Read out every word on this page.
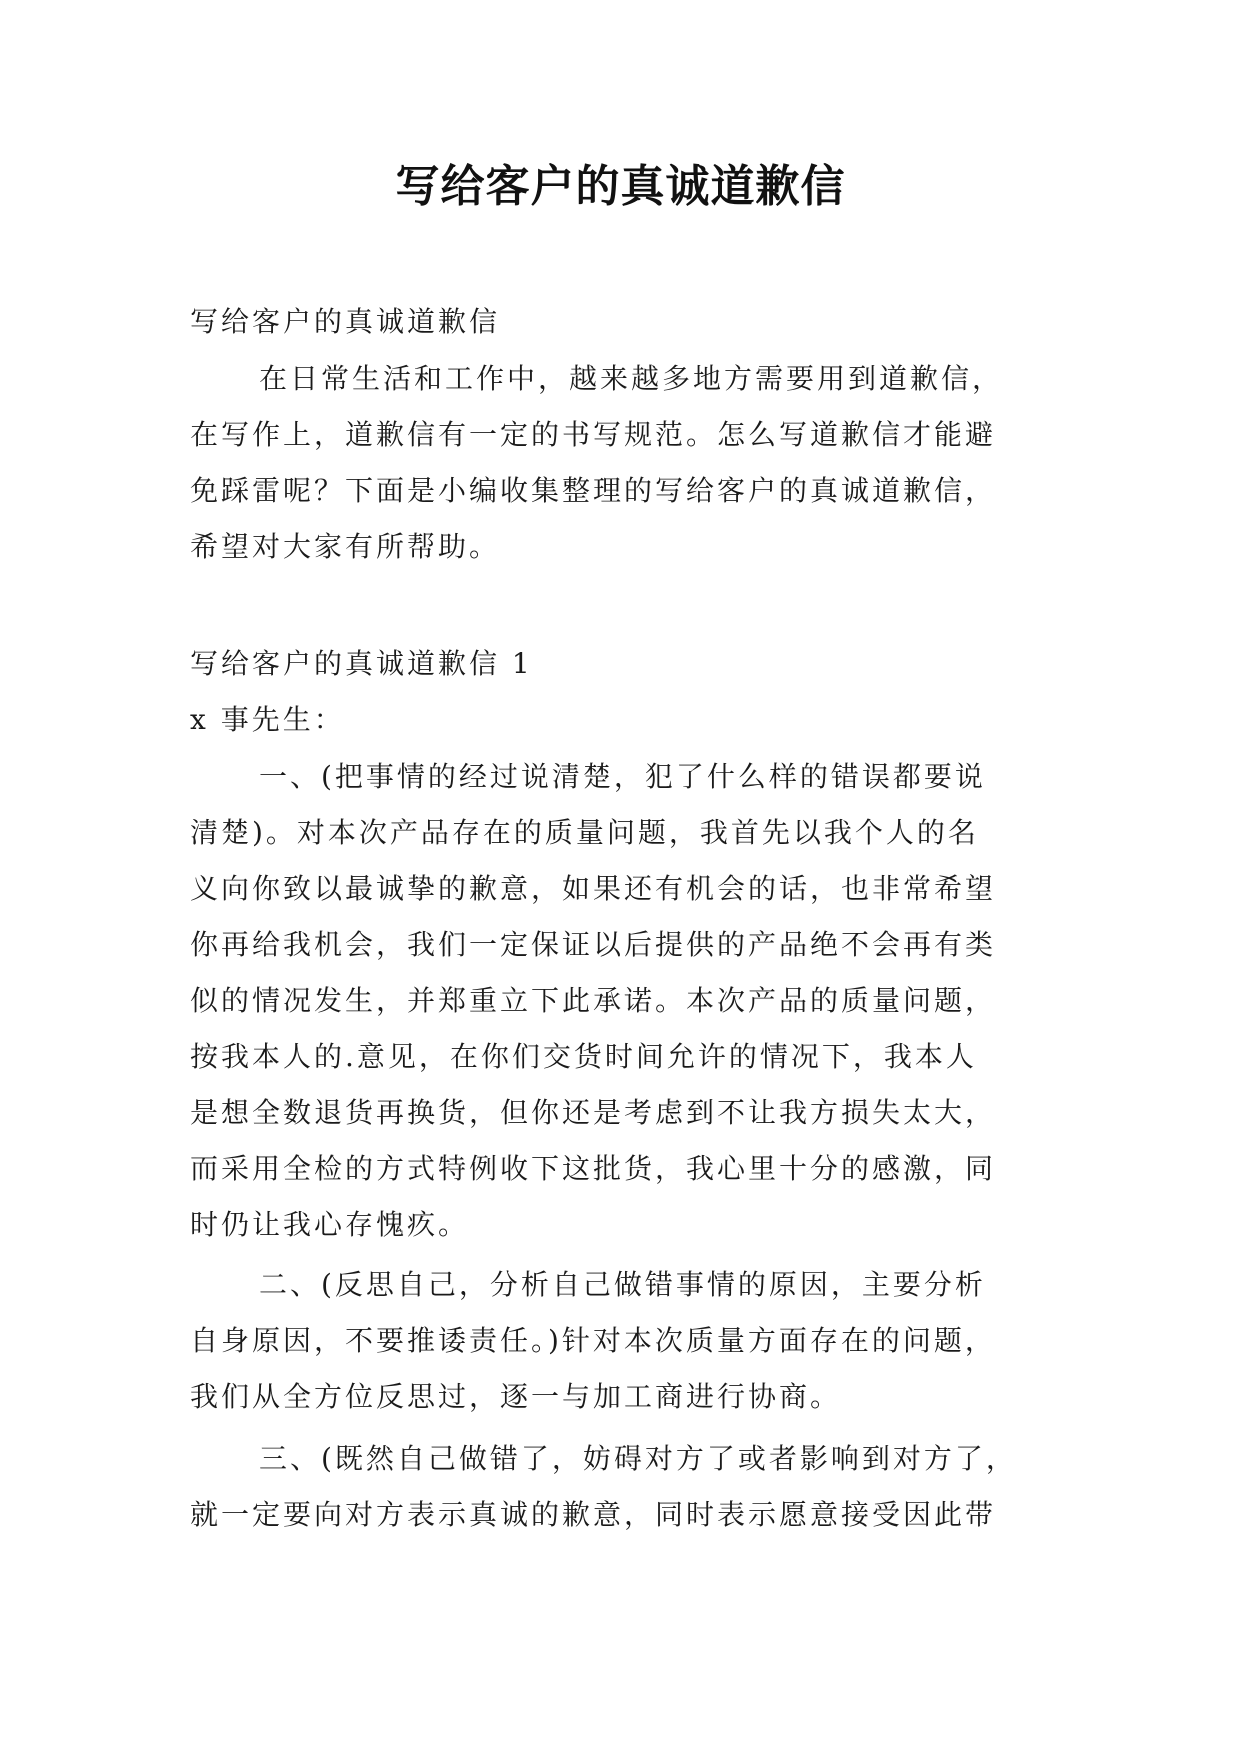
写给客户的真诚道歉信

写给客户的真诚道歉信

在日常生活和工作中，越来越多地方需要用到道歉信，

在写作上，道歉信有一定的书写规范。怎么写道歉信才能避

免踩雷呢？下面是小编收集整理的写给客户的真诚道歉信，

希望对大家有所帮助。

写给客户的真诚道歉信 1

x 事先生：

一、(把事情的经过说清楚，犯了什么样的错误都要说

清楚)。对本次产品存在的质量问题，我首先以我个人的名

义向你致以最诚挚的歉意，如果还有机会的话，也非常希望

你再给我机会，我们一定保证以后提供的产品绝不会再有类

似的情况发生，并郑重立下此承诺。本次产品的质量问题，

按我本人的.意见，在你们交货时间允许的情况下，我本人

是想全数退货再换货，但你还是考虑到不让我方损失太大，

而采用全检的方式特例收下这批货，我心里十分的感激，同

时仍让我心存愧疚。

二、(反思自己，分析自己做错事情的原因，主要分析

自身原因，不要推诿责任。)针对本次质量方面存在的问题，

我们从全方位反思过，逐一与加工商进行协商。

三、(既然自己做错了，妨碍对方了或者影响到对方了，

就一定要向对方表示真诚的歉意，同时表示愿意接受因此带
